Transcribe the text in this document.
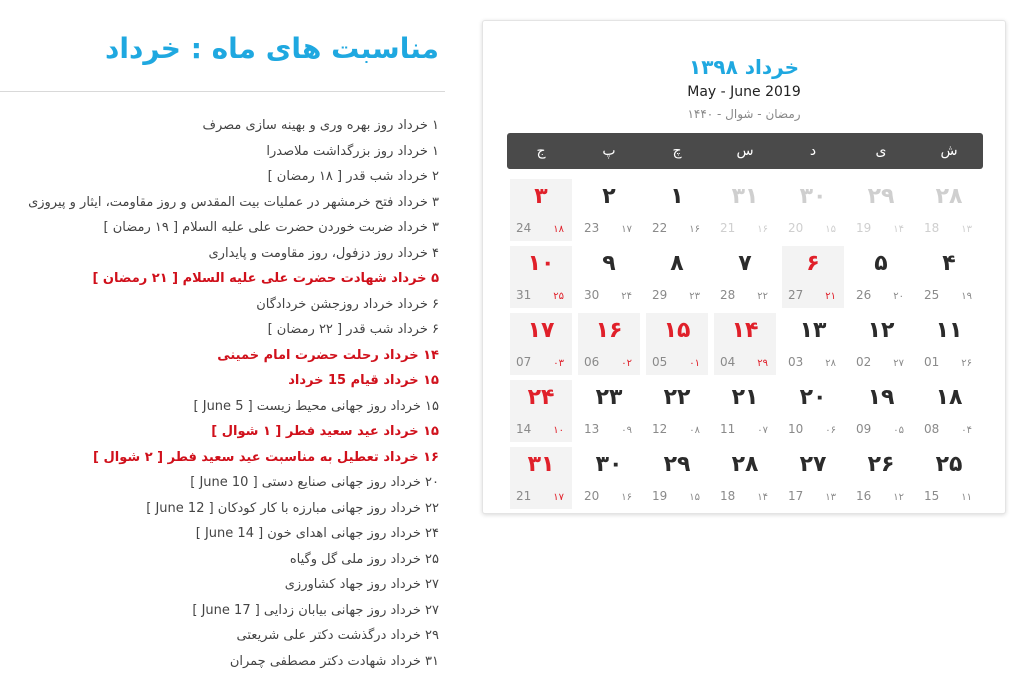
مناسبت های ماه : خرداد
۱ خرداد روز بهره وری و بهینه سازی مصرف
۱ خرداد روز بزرگداشت ملاصدرا
۲ خرداد شب قدر [ ۱۸ رمضان ]
۳ خرداد فتح خرمشهر در عملیات بیت المقدس و روز مقاومت، ایثار و پیروزی
۳ خرداد ضربت خوردن حضرت علی علیه السلام [ ۱۹ رمضان ]
۴ خرداد روز دزفول، روز مقاومت و پایداری
۵ خرداد شهادت حضرت علی علیه السلام [ ۲۱ رمضان ]
۶ خرداد خرداد روزجشن خردادگان
۶ خرداد شب قدر [ ۲۲ رمضان ]
۱۴ خرداد رحلت حضرت امام خمینی
۱۵ خرداد قیام 15 خرداد
۱۵ خرداد روز جهانی محیط زیست [ 5 June ]
۱۵ خرداد عید سعید فطر [ ۱ شوال ]
۱۶ خرداد تعطیل به مناسبت عید سعید فطر [ ۲ شوال ]
۲۰ خرداد روز جهانی صنایع دستی [ 10 June ]
۲۲ خرداد روز جهانی مبارزه با کار کودکان [ 12 June ]
۲۴ خرداد روز جهانی اهدای خون [ 14 June ]
۲۵ خرداد روز ملی گل وگیاه
۲۷ خرداد روز جهاد کشاورزی
۲۷ خرداد روز جهانی بیابان زدایی [ 17 June ]
۲۹ خرداد درگذشت دکتر علی شریعتی
۳۱ خرداد شهادت دکتر مصطفی چمران
خرداد ۱۳۹۸
May - June 2019
رمضان - شوال - ۱۴۴۰
ش
ی
د
س
چ
پ
ج
۲۸
18 ۱۳
۲۹
19 ۱۴
۳۰
20 ۱۵
۳۱
21 ۱۶
۱
22 ۱۶
۲
23 ۱۷
۳
24 ۱۸
۴
25 ۱۹
۵
26 ۲۰
۶
27 ۲۱
۷
28 ۲۲
۸
29 ۲۳
۹
30 ۲۴
۱۰
31 ۲۵
۱۱
01 ۲۶
۱۲
02 ۲۷
۱۳
03 ۲۸
۱۴
04 ۲۹
۱۵
05 ۰۱
۱۶
06 ۰۲
۱۷
07 ۰۳
۱۸
08 ۰۴
۱۹
09 ۰۵
۲۰
10 ۰۶
۲۱
11 ۰۷
۲۲
12 ۰۸
۲۳
13 ۰۹
۲۴
14 ۱۰
۲۵
15 ۱۱
۲۶
16 ۱۲
۲۷
17 ۱۳
۲۸
18 ۱۴
۲۹
19 ۱۵
۳۰
20 ۱۶
۳۱
21 ۱۷
